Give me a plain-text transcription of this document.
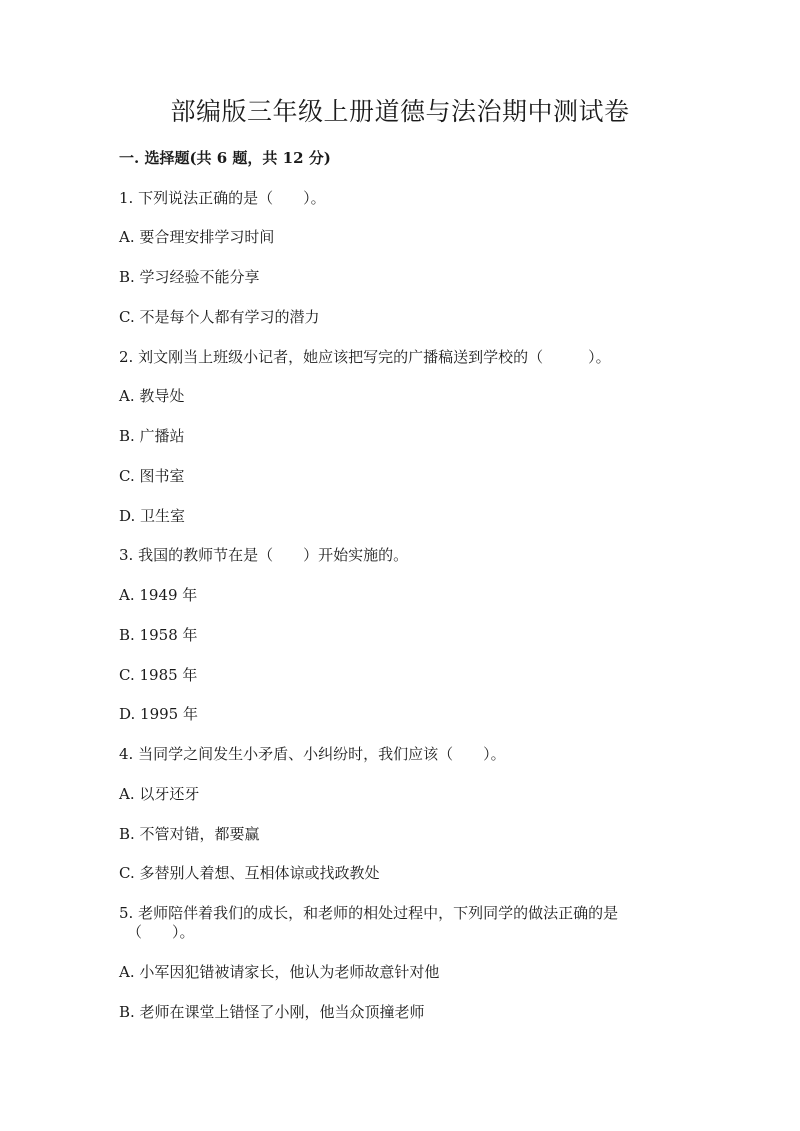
部编版三年级上册道德与法治期中测试卷
一. 选择题(共 6 题，共 12 分)
1. 下列说法正确的是（　　）。
A. 要合理安排学习时间
B. 学习经验不能分享
C. 不是每个人都有学习的潜力
2. 刘文刚当上班级小记者，她应该把写完的广播稿送到学校的（　　　）。
A. 教导处
B. 广播站
C. 图书室
D. 卫生室
3. 我国的教师节在是（　　）开始实施的。
A. 1949 年
B. 1958 年
C. 1985 年
D. 1995 年
4. 当同学之间发生小矛盾、小纠纷时，我们应该（　　）。
A. 以牙还牙
B. 不管对错，都要赢
C. 多替别人着想、互相体谅或找政教处
5. 老师陪伴着我们的成长，和老师的相处过程中，下列同学的做法正确的是
（　　）。
A. 小军因犯错被请家长，他认为老师故意针对他
B. 老师在课堂上错怪了小刚，他当众顶撞老师
